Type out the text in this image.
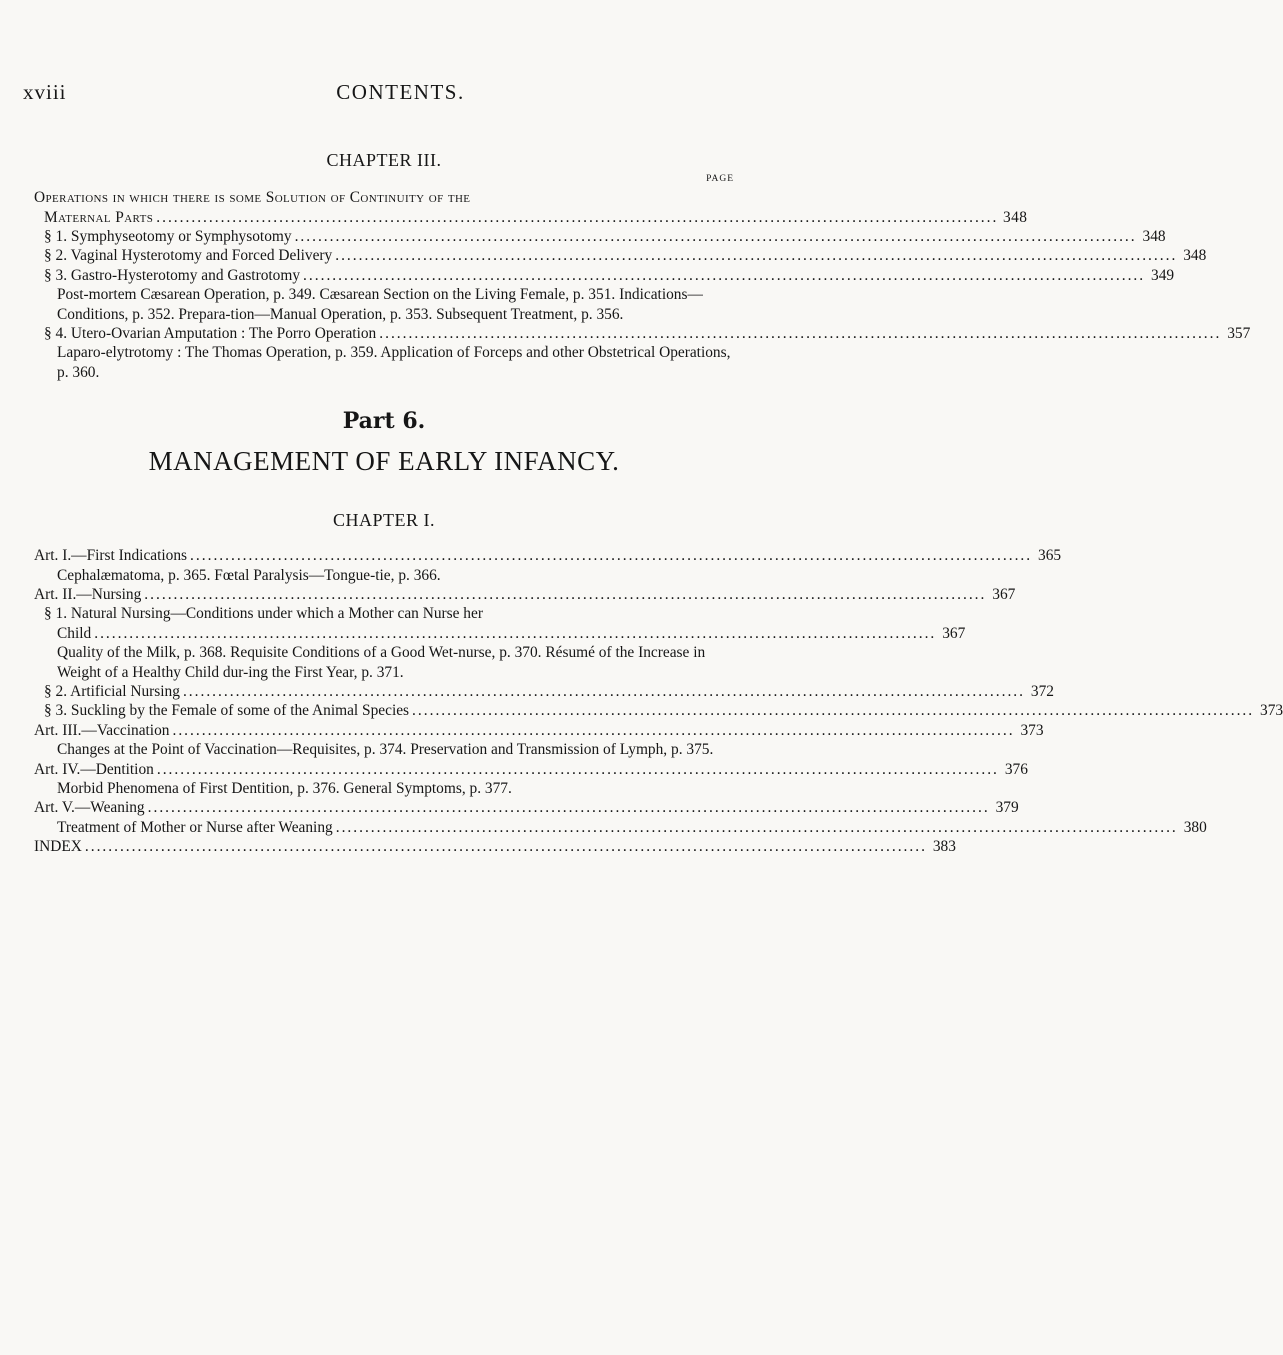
xviii	CONTENTS.
CHAPTER III.
PAGE
Operations in which there is some Solution of Continuity of the
Maternal Parts ................................................................................................................................................ 348
§ 1. Symphyseotomy or Symphysotomy ................................................................................................................................................ 348
§ 2. Vaginal Hysterotomy and Forced Delivery ................................................................................................................................................ 348
§ 3. Gastro-Hysterotomy and Gastrotomy ................................................................................................................................................ 349
Post-mortem Cæsarean Operation, p. 349. Cæsarean Section on the Living Female, p. 351. Indications—Conditions, p. 352. Prepara-tion—Manual Operation, p. 353. Subsequent Treatment, p. 356.
§ 4. Utero-Ovarian Amputation : The Porro Operation ................................................................................................................................................ 357
Laparo-elytrotomy : The Thomas Operation, p. 359. Application of Forceps and other Obstetrical Operations, p. 360.
Part 6.
MANAGEMENT OF EARLY INFANCY.
CHAPTER I.
Art. I.—First Indications ................................................................................................................................................ 365
Cephalæmatoma, p. 365. Fœtal Paralysis—Tongue-tie, p. 366.
Art. II.—Nursing ................................................................................................................................................ 367
§ 1. Natural Nursing—Conditions under which a Mother can Nurse her
Child ................................................................................................................................................ 367
Quality of the Milk, p. 368. Requisite Conditions of a Good Wet-nurse, p. 370. Résumé of the Increase in Weight of a Healthy Child dur-ing the First Year, p. 371.
§ 2. Artificial Nursing ................................................................................................................................................ 372
§ 3. Suckling by the Female of some of the Animal Species ................................................................................................................................................ 373
Art. III.—Vaccination ................................................................................................................................................ 373
Changes at the Point of Vaccination—Requisites, p. 374. Preservation and Transmission of Lymph, p. 375.
Art. IV.—Dentition ................................................................................................................................................ 376
Morbid Phenomena of First Dentition, p. 376. General Symptoms, p. 377.
Art. V.—Weaning ................................................................................................................................................ 379
Treatment of Mother or Nurse after Weaning ................................................................................................................................................ 380
INDEX ................................................................................................................................................ 383
